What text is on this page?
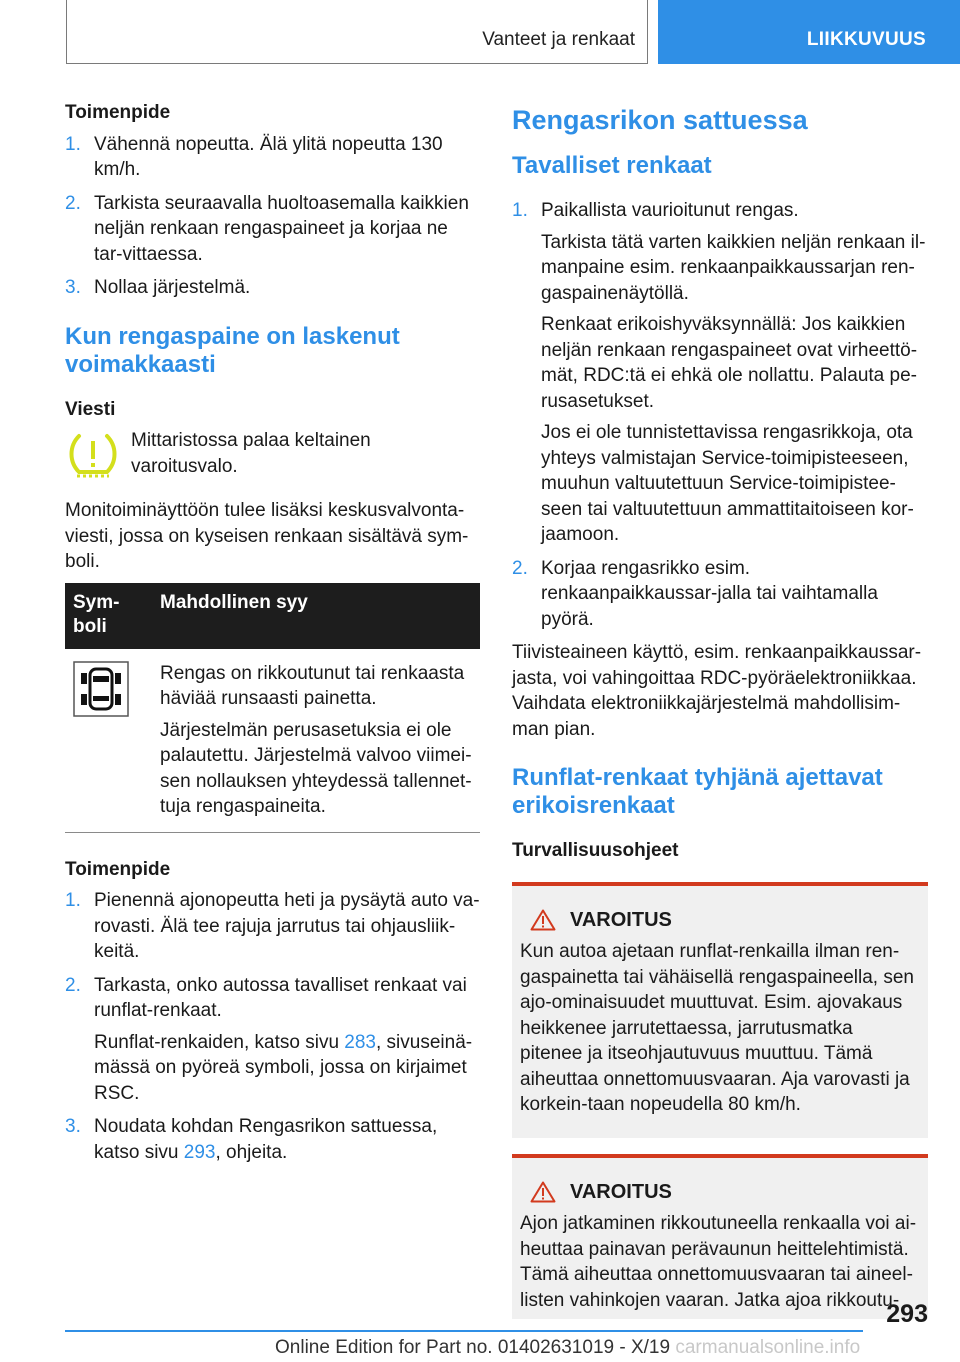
Vanteet ja renkaat	LIIKKUVUUS
Toimenpide
1. Vähennä nopeutta. Älä ylitä nopeutta 130 km/h.
2. Tarkista seuraavalla huoltoasemalla kaikkien neljän renkaan rengaspaineet ja korjaa ne tar-vittaessa.
3. Nollaa järjestelmä.
Kun rengaspaine on laskenut voimakkaasti
Viesti
Mittaristossa palaa keltainen varoitusvalo.

Monitoiminäyttöön tulee lisäksi keskusvalvonta-viesti, jossa on kyseisen renkaan sisältävä sym-boli.

Sym-boli	Mahdollinen syy

Rengas on rikkoutunut tai renkaasta häviää runsaasti painetta.

Järjestelmän perusasetuksia ei ole palautettu. Järjestelmä valvoo viimei-sen nollauksen yhteydessä tallennet-tuja rengaspaineita.

Toimenpide
1. Pienennä ajonopeutta heti ja pysäytä auto va-rovasti. Älä tee rajuja jarrutus tai ohjausliik-keitä.
2. Tarkasta, onko autossa tavalliset renkaat vai runflat-renkaat.

Runflat-renkaiden, katso sivu 283, sivuseinä-mässä on pyöreä symboli, jossa on kirjaimet RSC.

3. Noudata kohdan Rengasrikon sattuessa, katso sivu 293, ohjeita.
Rengasrikon sattuessa
Tavalliset renkaat
1. Paikallista vaurioitunut rengas.

Tarkista tätä varten kaikkien neljän renkaan il-manpaine esim. renkaanpaikkaussarjan ren-gaspainenäytöllä.

Renkaat erikoishyväksynnällä: Jos kaikkien neljän renkaan rengaspaineet ovat virheettö-mät, RDC:tä ei ehkä ole nollattu. Palauta pe-rusasetukset.

Jos ei ole tunnistettavissa rengasrikkoja, ota yhteys valmistajan Service-toimipisteeseen, muuhun valtuutettuun Service-toimipistee-seen tai valtuutettuun ammattitaitoiseen kor-jaamoon.

2. Korjaa rengasrikko esim. renkaanpaikkaussar-jalla tai vaihtamalla pyörä.

Tiivisteaineen käyttö, esim. renkaanpaikkaussar-jasta, voi vahingoittaa RDC-pyöräelektroniikkaa. Vaihdata elektroniikkajärjestelmä mahdollisim-man pian.

Runflat-renkaat tyhjänä ajettavat erikoisrenkaat
Turvallisuusohjeet
VAROITUS
Kun autoa ajetaan runflat-renkailla ilman ren-gaspainetta tai vähäisellä rengaspaineella, sen ajo-ominaisuudet muuttuvat. Esim. ajovakaus heikkenee jarrutettaessa, jarrutusmatka pitenee ja itseohjautuvuus muuttuu. Tämä aiheuttaa onnettomuusvaaran. Aja varovasti ja korkein-taan nopeudella 80 km/h.
VAROITUS
Ajon jatkaminen rikkoutuneella renkaalla voi ai-heuttaa painavan perävaunun heittelehtimistä. Tämä aiheuttaa onnettomuusvaaran tai aineel-listen vahinkojen vaaran. Jatka ajoa rikkoutu-
293
Online Edition for Part no. 01402631019 - X/19 carmanualsonline.info
